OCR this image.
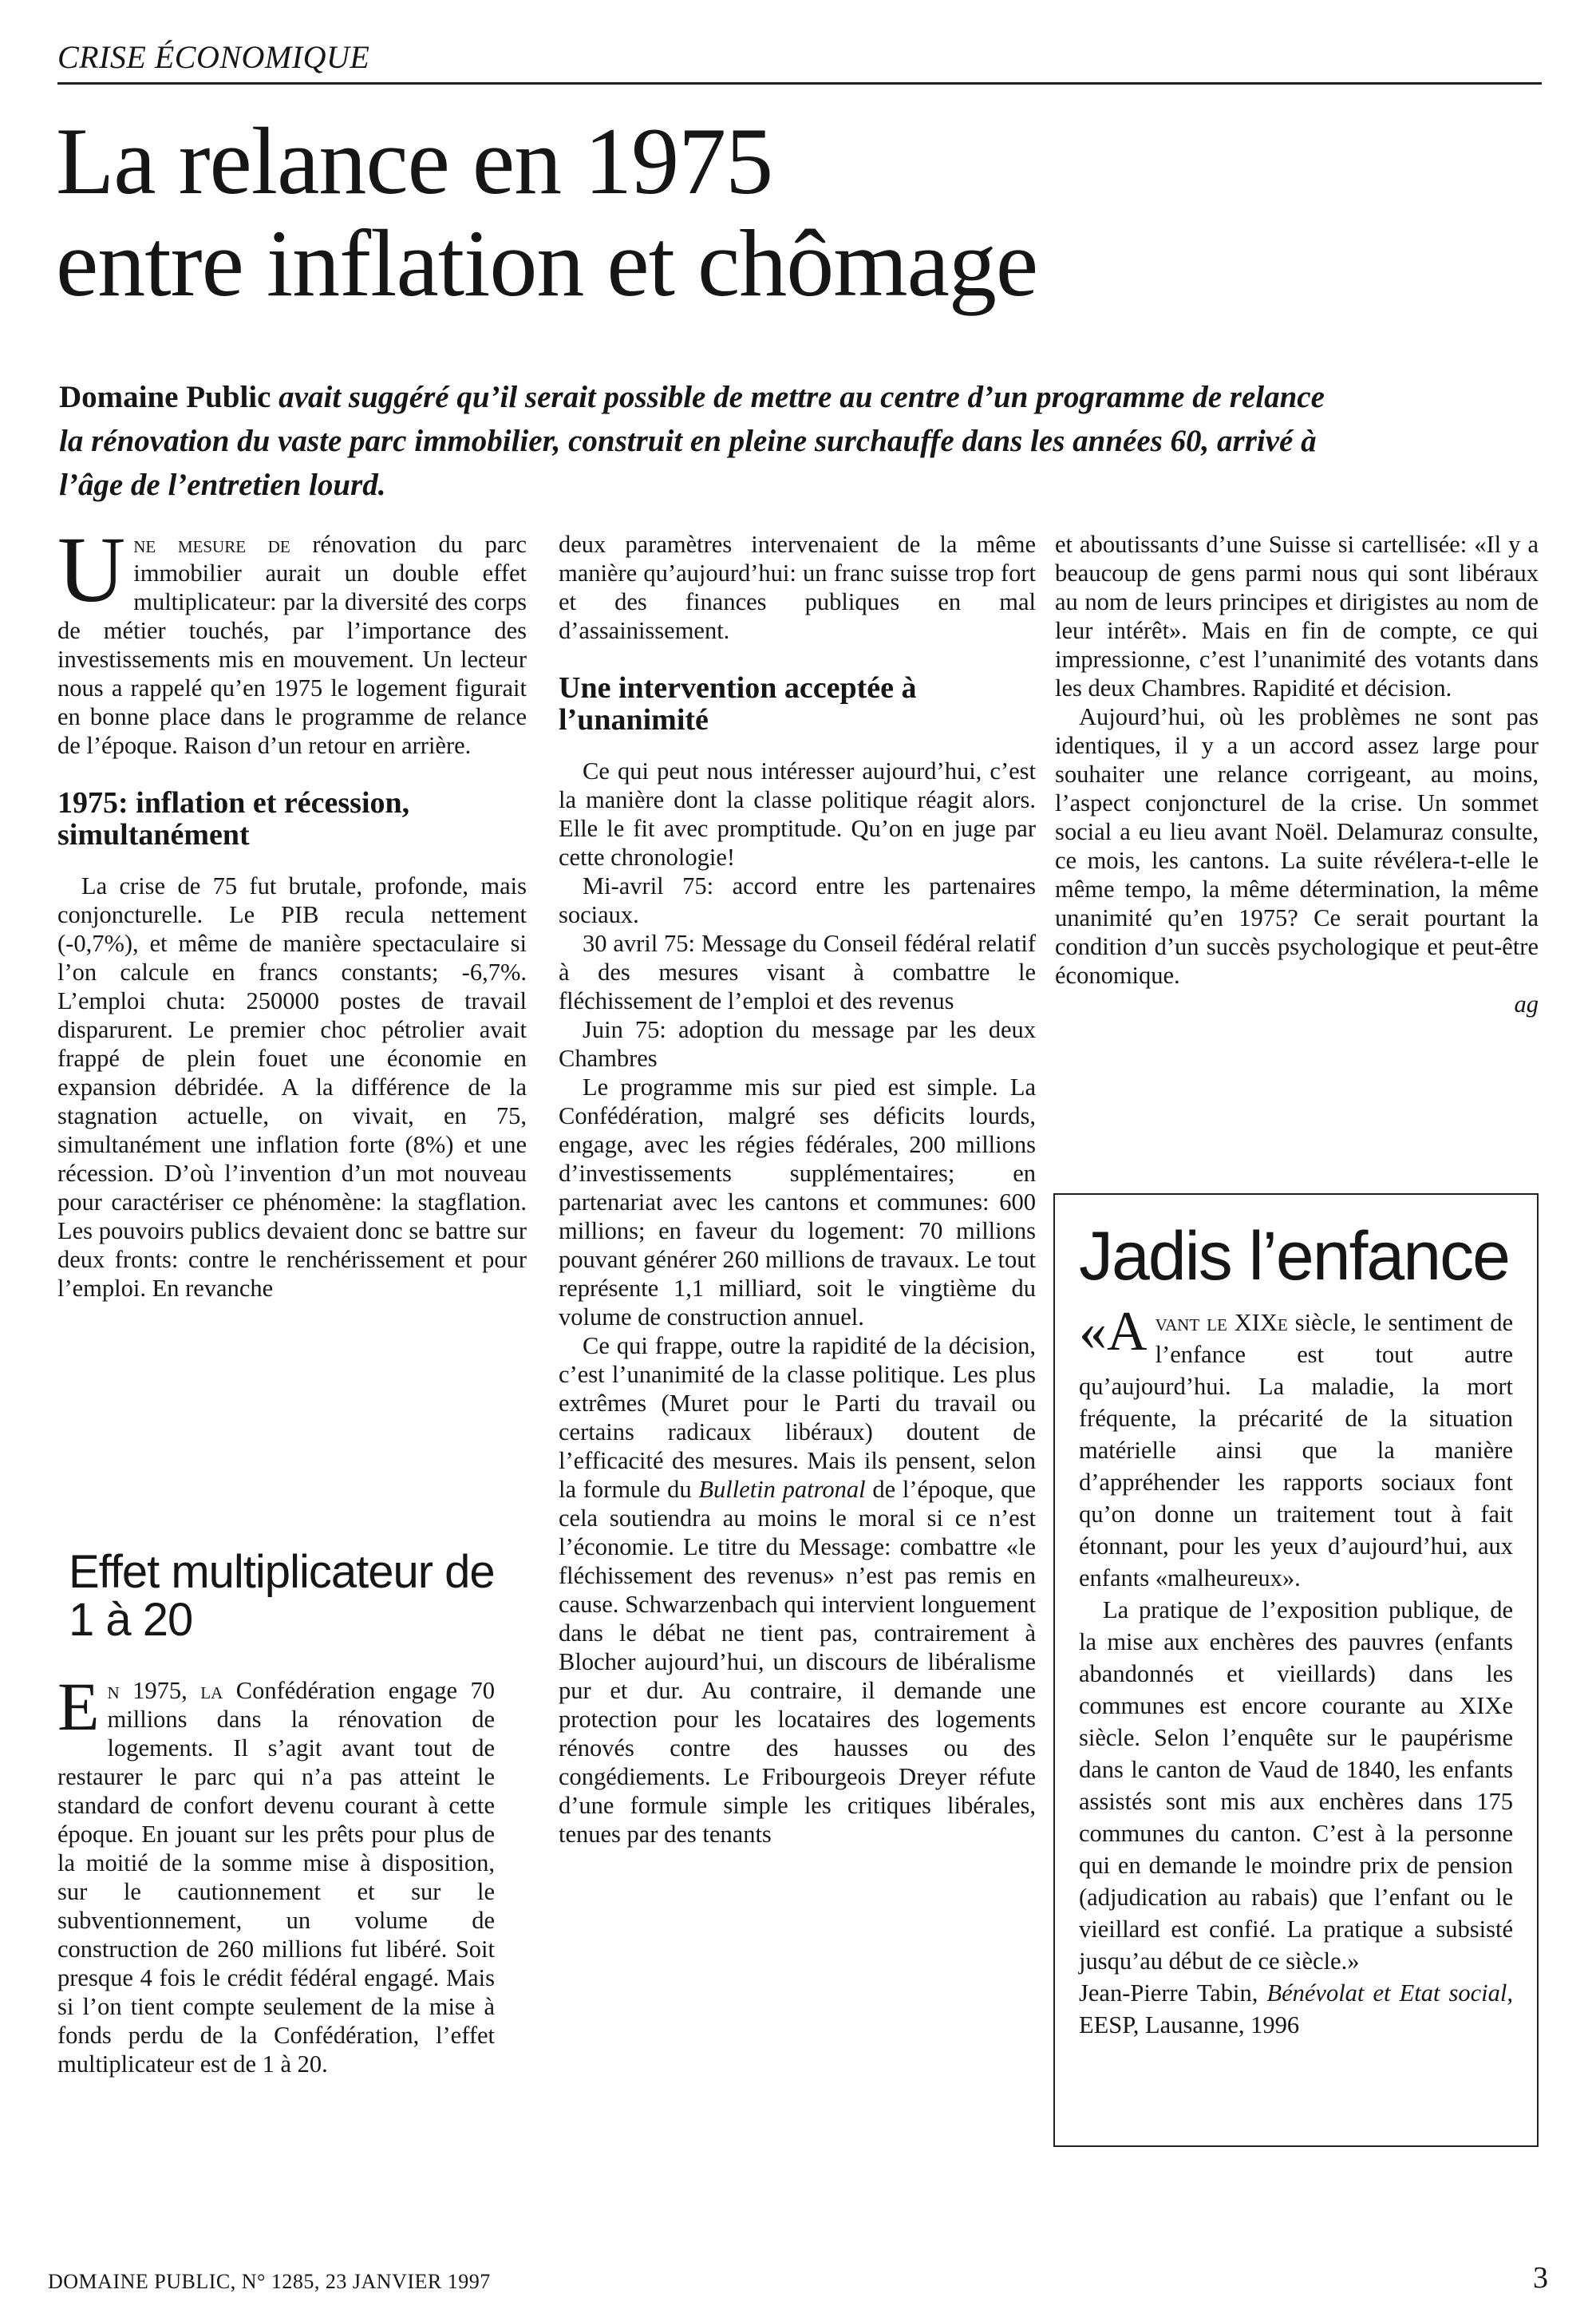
CRISE ÉCONOMIQUE
La relance en 1975
entre inflation et chômage
Domaine Public avait suggéré qu’il serait possible de mettre au centre d’un programme de relance la rénovation du vaste parc immobilier, construit en pleine surchauffe dans les années 60, arrivé à l’âge de l’entretien lourd.

Une mesure de rénovation du parc immobilier aurait un double effet multiplicateur: par la diversité des corps de métier touchés, par l’importance des investissements mis en mouvement. Un lecteur nous a rappelé qu’en 1975 le logement figurait en bonne place dans le programme de relance de l’époque. Raison d’un retour en arrière.

1975: inflation et récession, simultanément

La crise de 75 fut brutale, profonde, mais conjoncturelle. Le PIB recula nettement (-0,7%), et même de manière spectaculaire si l’on calcule en francs constants; -6,7%. L’emploi chuta: 250000 postes de travail disparurent. Le premier choc pétrolier avait frappé de plein fouet une économie en expansion débridée. A la différence de la stagnation actuelle, on vivait, en 75, simultanément une inflation forte (8%) et une récession. D’où l’invention d’un mot nouveau pour caractériser ce phénomène: la stagflation. Les pouvoirs publics devaient donc se battre sur deux fronts: contre le renchérissement et pour l’emploi. En revanche

Effet multiplicateur de 1 à 20

En 1975, la Confédération engage 70 millions dans la rénovation de logements. Il s’agit avant tout de restaurer le parc qui n’a pas atteint le standard de confort devenu courant à cette époque. En jouant sur les prêts pour plus de la moitié de la somme mise à disposition, sur le cautionnement et sur le subventionnement, un volume de construction de 260 millions fut libéré. Soit presque 4 fois le crédit fédéral engagé. Mais si l’on tient compte seulement de la mise à fonds perdu de la Confédération, l’effet multiplicateur est de 1 à 20.

deux paramètres intervenaient de la même manière qu’aujourd’hui: un franc suisse trop fort et des finances publiques en mal d’assainissement.

Une intervention acceptée à l’unanimité

Ce qui peut nous intéresser aujourd’hui, c’est la manière dont la classe politique réagit alors. Elle le fit avec promptitude. Qu’on en juge par cette chronologie!

Mi-avril 75: accord entre les partenaires sociaux.

30 avril 75: Message du Conseil fédéral relatif à des mesures visant à combattre le fléchissement de l’emploi et des revenus

Juin 75: adoption du message par les deux Chambres

Le programme mis sur pied est simple. La Confédération, malgré ses déficits lourds, engage, avec les régies fédérales, 200 millions d’investissements supplémentaires; en partenariat avec les cantons et communes: 600 millions; en faveur du logement: 70 millions pouvant générer 260 millions de travaux. Le tout représente 1,1 milliard, soit le vingtième du volume de construction annuel.

Ce qui frappe, outre la rapidité de la décision, c’est l’unanimité de la classe politique. Les plus extrêmes (Muret pour le Parti du travail ou certains radicaux libéraux) doutent de l’efficacité des mesures. Mais ils pensent, selon la formule du Bulletin patronal de l’époque, que cela soutiendra au moins le moral si ce n’est l’économie. Le titre du Message: combattre «le fléchissement des revenus» n’est pas remis en cause. Schwarzenbach qui intervient longuement dans le débat ne tient pas, contrairement à Blocher aujourd’hui, un discours de libéralisme pur et dur. Au contraire, il demande une protection pour les locataires des logements rénovés contre des hausses ou des congédiements. Le Fribourgeois Dreyer réfute d’une formule simple les critiques libérales, tenues par des tenants

et aboutissants d’une Suisse si cartellisée: «Il y a beaucoup de gens parmi nous qui sont libéraux au nom de leurs principes et dirigistes au nom de leur intérêt». Mais en fin de compte, ce qui impressionne, c’est l’unanimité des votants dans les deux Chambres. Rapidité et décision.

Aujourd’hui, où les problèmes ne sont pas identiques, il y a un accord assez large pour souhaiter une relance corrigeant, au moins, l’aspect conjoncturel de la crise. Un sommet social a eu lieu avant Noël. Delamuraz consulte, ce mois, les cantons. La suite révélera-t-elle le même tempo, la même détermination, la même unanimité qu’en 1975? Ce serait pourtant la condition d’un succès psychologique et peut-être économique.

ag

Jadis l’enfance

«A vant le XIXe siècle, le sentiment de l’enfance est tout autre qu’aujourd’hui. La maladie, la mort fréquente, la précarité de la situation matérielle ainsi que la manière d’appréhender les rapports sociaux font qu’on donne un traitement tout à fait étonnant, pour les yeux d’aujourd’hui, aux enfants «malheureux».

La pratique de l’exposition publique, de la mise aux enchères des pauvres (enfants abandonnés et vieillards) dans les communes est encore courante au XIXe siècle. Selon l’enquête sur le paupérisme dans le canton de Vaud de 1840, les enfants assistés sont mis aux enchères dans 175 communes du canton. C’est à la personne qui en demande le moindre prix de pension (adjudication au rabais) que l’enfant ou le vieillard est confié. La pratique a subsisté jusqu’au début de ce siècle.»

Jean-Pierre Tabin, Bénévolat et Etat social, EESP, Lausanne, 1996

DOMAINE PUBLIC, N° 1285, 23 JANVIER 1997	3
